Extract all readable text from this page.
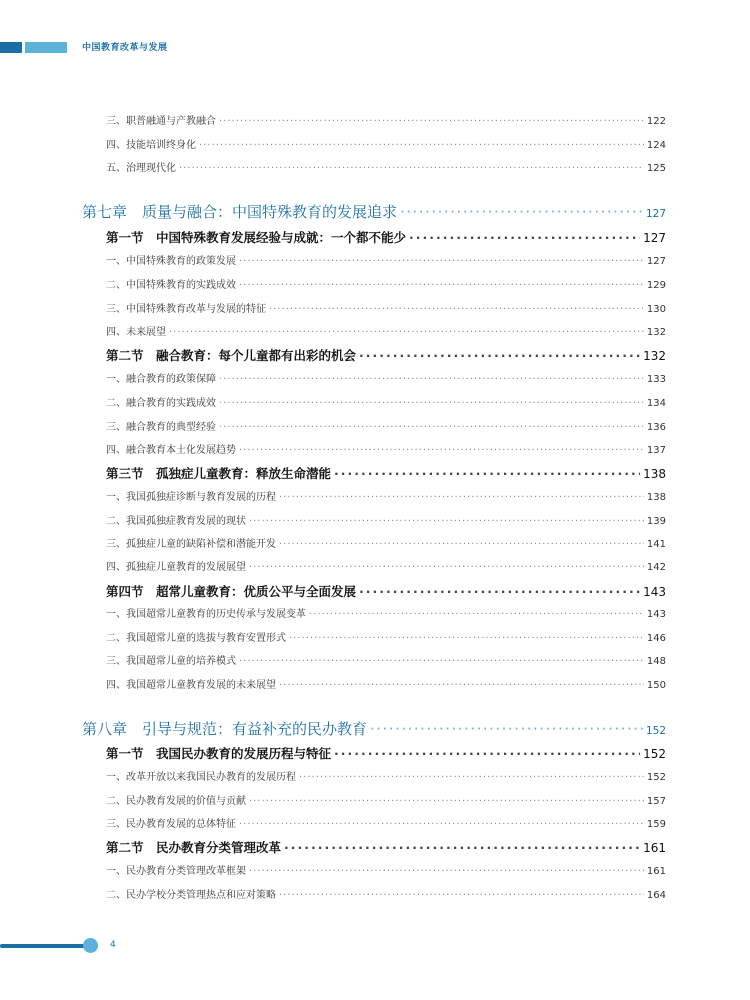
中国教育改革与发展
三、职普融通与产教融合 ·····	122
四、技能培训终身化 ·····	124
五、治理现代化 ·····	125
第七章　质量与融合：中国特殊教育的发展追求 ·····	127
第一节　中国特殊教育发展经验与成就：一个都不能少 ·····	127
一、中国特殊教育的政策发展 ·····	127
二、中国特殊教育的实践成效 ·····	129
三、中国特殊教育改革与发展的特征 ·····	130
四、未来展望 ·····	132
第二节　融合教育：每个儿童都有出彩的机会 ·····	132
一、融合教育的政策保障 ·····	133
二、融合教育的实践成效 ·····	134
三、融合教育的典型经验 ·····	136
四、融合教育本土化发展趋势 ·····	137
第三节　孤独症儿童教育：释放生命潜能 ·····	138
一、我国孤独症诊断与教育发展的历程 ·····	138
二、我国孤独症教育发展的现状 ·····	139
三、孤独症儿童的缺陷补偿和潜能开发 ·····	141
四、孤独症儿童教育的发展展望 ·····	142
第四节　超常儿童教育：优质公平与全面发展 ·····	143
一、我国超常儿童教育的历史传承与发展变革 ·····	143
二、我国超常儿童的选拔与教育安置形式 ·····	146
三、我国超常儿童的培养模式 ·····	148
四、我国超常儿童教育发展的未来展望 ·····	150
第八章　引导与规范：有益补充的民办教育 ·····	152
第一节　我国民办教育的发展历程与特征 ·····	152
一、改革开放以来我国民办教育的发展历程 ·····	152
二、民办教育发展的价值与贡献 ·····	157
三、民办教育发展的总体特征 ·····	159
第二节　民办教育分类管理改革 ·····	161
一、民办教育分类管理改革框架 ·····	161
二、民办学校分类管理热点和应对策略 ·····	164
4
